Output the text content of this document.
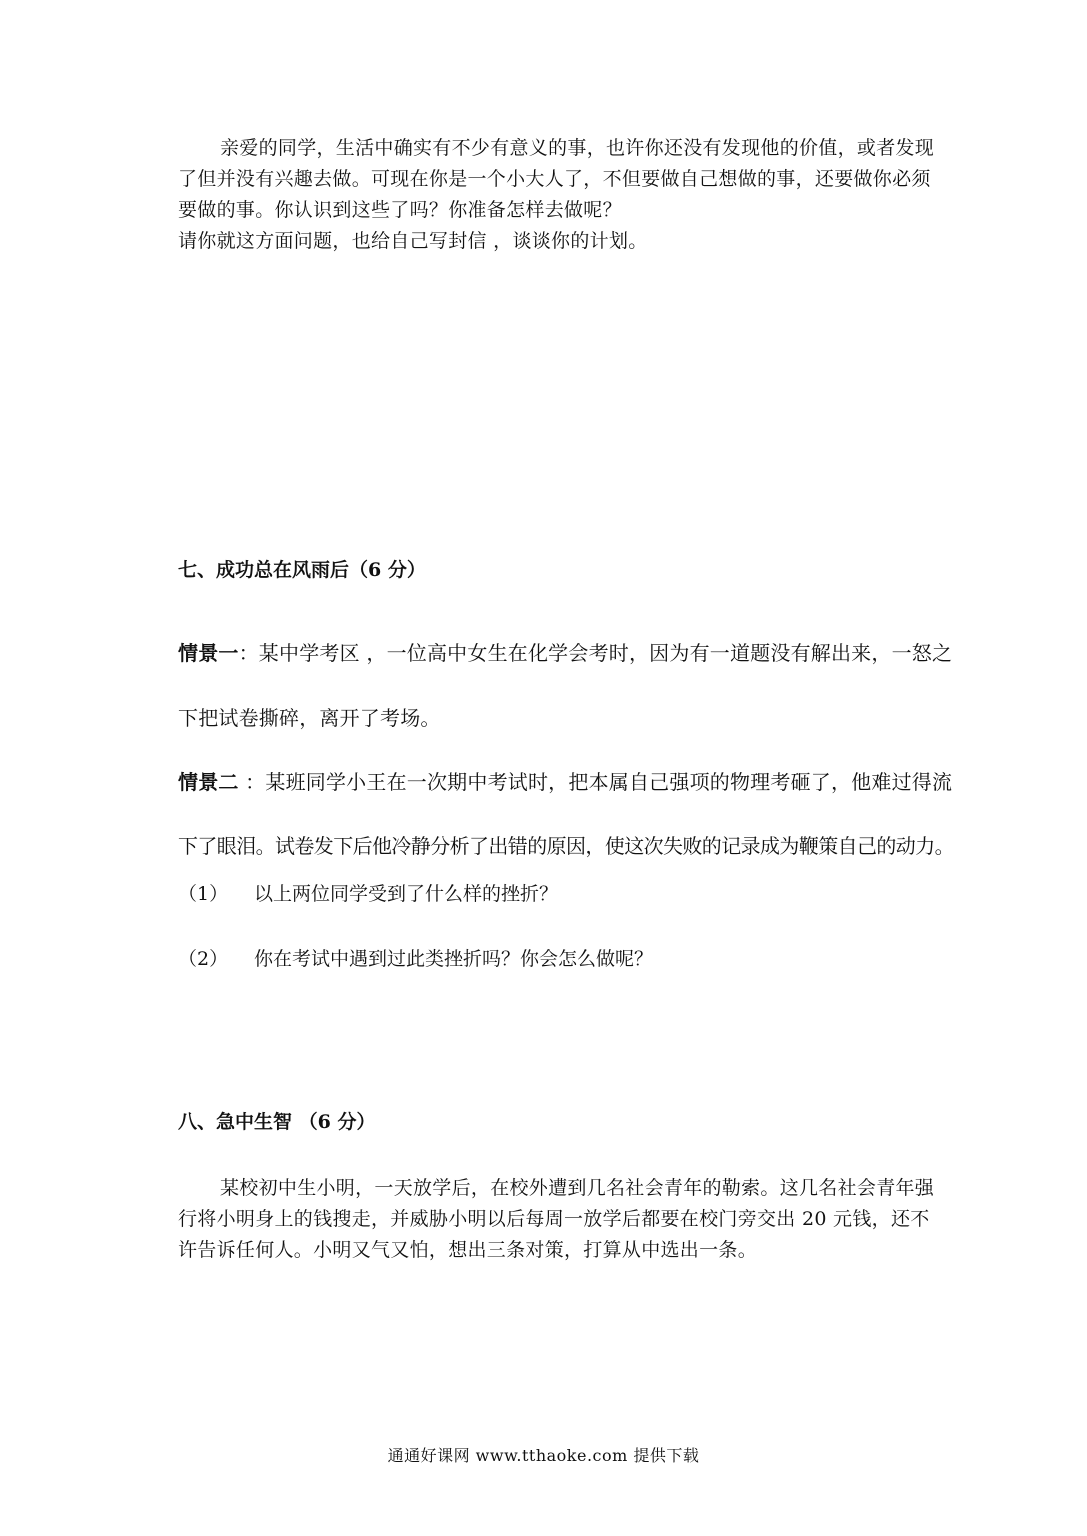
亲爱的同学，生活中确实有不少有意义的事，也许你还没有发现他的价值，或者发现
了但并没有兴趣去做。可现在你是一个小大人了，不但要做自己想做的事，还要做你必须
要做的事。你认识到这些了吗？你准备怎样去做呢？
请你就这方面问题，也给自己写封信 ，谈谈你的计划。
七、成功总在风雨后（6 分）
情景一：某中学考区 ，一位高中女生在化学会考时，因为有一道题没有解出来，一怒之
下把试卷撕碎，离开了考场。
情景二 ：某班同学小王在一次期中考试时，把本属自己强项的物理考砸了，他难过得流
下了眼泪。试卷发下后他冷静分析了出错的原因，使这次失败的记录成为鞭策自己的动力。
（1） 以上两位同学受到了什么样的挫折？
（2） 你在考试中遇到过此类挫折吗？你会怎么做呢？
八、急中生智 （6 分）
某校初中生小明，一天放学后，在校外遭到几名社会青年的勒索。这几名社会青年强
行将小明身上的钱搜走，并威胁小明以后每周一放学后都要在校门旁交出 20 元钱，还不
许告诉任何人。小明又气又怕，想出三条对策，打算从中选出一条。
通通好课网 www.tthaoke.com 提供下载
